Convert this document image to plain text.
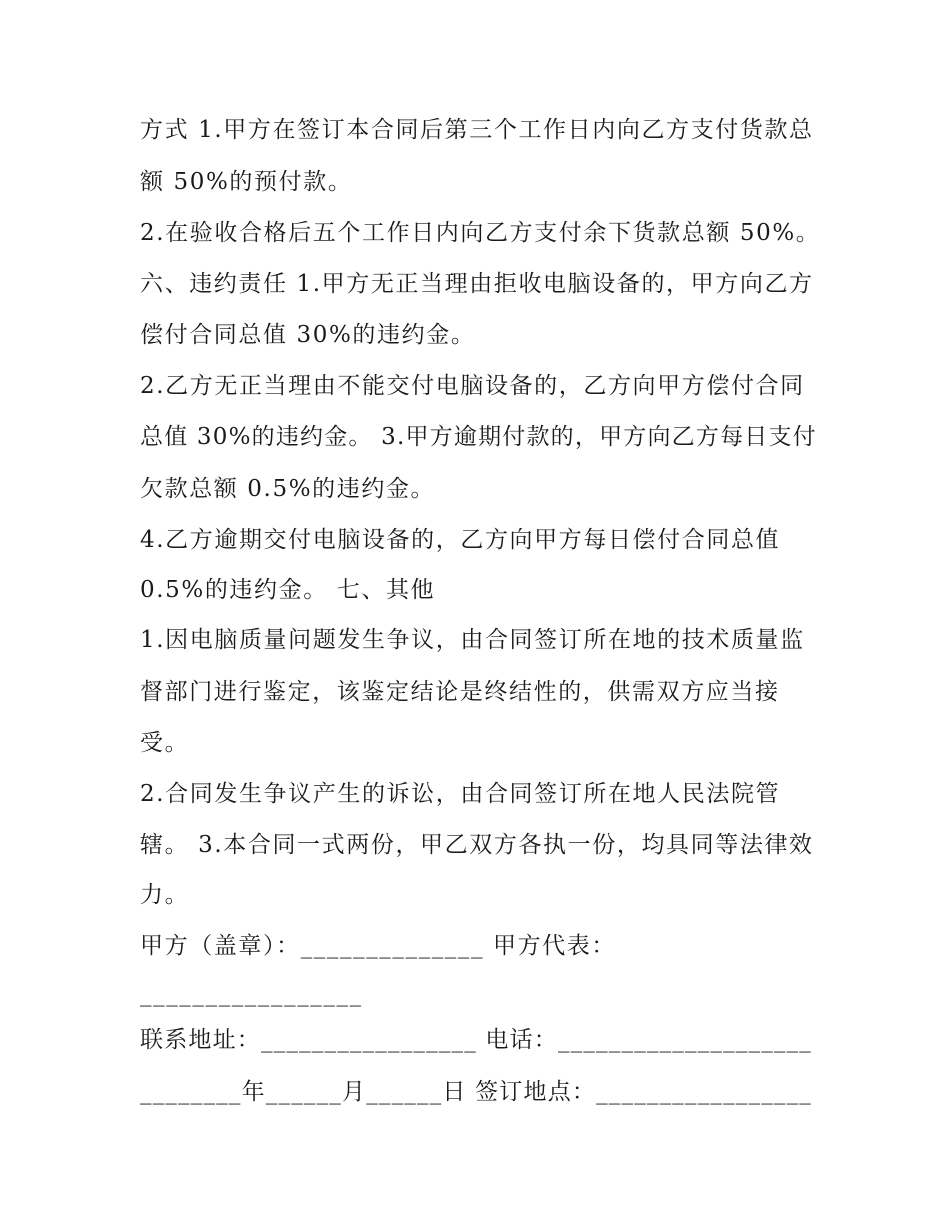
方式 1.甲方在签订本合同后第三个工作日内向乙方支付货款总
额 50%的预付款。
2.在验收合格后五个工作日内向乙方支付余下货款总额 50%。
六、违约责任 1.甲方无正当理由拒收电脑设备的，甲方向乙方
偿付合同总值 30%的违约金。
2.乙方无正当理由不能交付电脑设备的，乙方向甲方偿付合同
总值 30%的违约金。 3.甲方逾期付款的，甲方向乙方每日支付
欠款总额 0.5%的违约金。
4.乙方逾期交付电脑设备的，乙方向甲方每日偿付合同总值
0.5%的违约金。 七、其他
1.因电脑质量问题发生争议，由合同签订所在地的技术质量监
督部门进行鉴定，该鉴定结论是终结性的，供需双方应当接
受。
2.合同发生争议产生的诉讼，由合同签订所在地人民法院管
辖。 3.本合同一式两份，甲乙双方各执一份，均具同等法律效
力。
甲方（盖章）：______________ 甲方代表：
_________________
联系地址：_________________ 电话：____________________
________年______月______日 签订地点：_________________
